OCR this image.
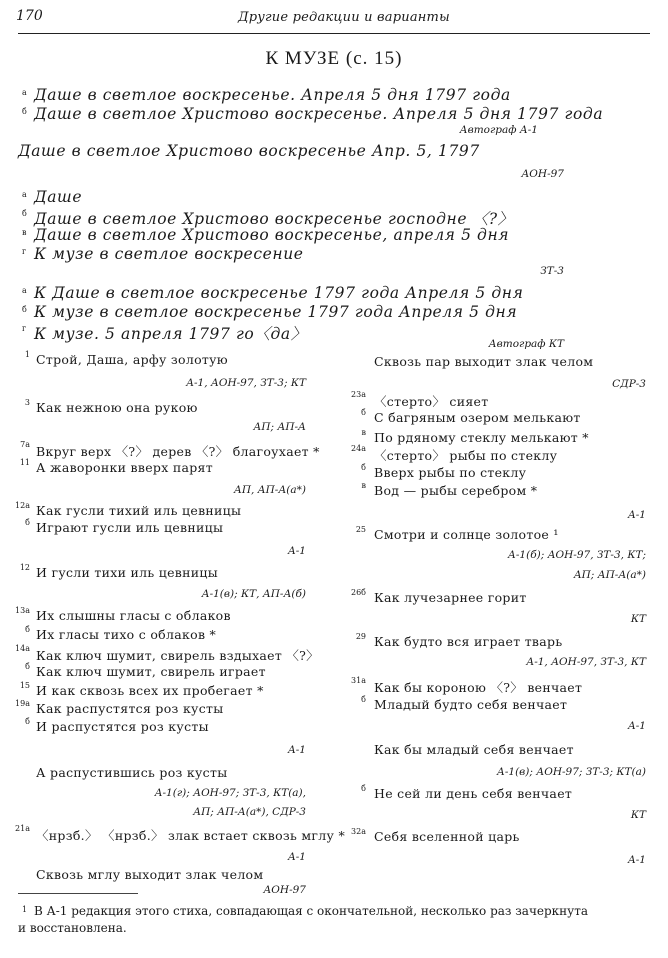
170	Другие редакции и варианты
К МУЗЕ (с. 15)
а Даше в светлое воскресенье. Апреля 5 дня 1797 года
б Даше в светлое Христово воскресенье. Апреля 5 дня 1797 года
Автограф А-1
Даше в светлое Христово воскресенье Апр. 5, 1797
АОН-97
а Даше
б Даше в светлое Христово воскресенье господне 〈?〉
в Даше в светлое Христово воскресенье, апреля 5 дня
г К музе в светлое воскресение
ЗТ-3
а К Даше в светлое воскресенье 1797 года Апреля 5 дня
б К музе в светлое воскресенье 1797 года Апреля 5 дня
г К музе. 5 апреля 1797 го〈да〉
Автограф КТ
1 Строй, Даша, арфу золотую
А-1, АОН-97, ЗТ-3; КТ
3 Как нежною она рукою
АП; АП-А
7а Вкруг верх 〈?〉 дерев 〈?〉 благоухает *
11 А жаворонки вверх парят
АП, АП-А(а*)
12а Как гусли тихий иль цевницы
б Играют гусли иль цевницы
А-1
12 И гусли тихи иль цевницы
А-1(в); КТ, АП-А(б)
13а Их слышны гласы с облаков
б Их гласы тихо с облаков *
14а Как ключ шумит, свирель вздыхает 〈?〉
б Как ключ шумит, свирель играет
15 И как сквозь всех их пробегает *
19а Как распустятся роз кусты
б И распустятся роз кусты
А-1
А распустившись роз кусты
А-1(г); АОН-97; ЗТ-3, КТ(а),
АП; АП-А(а*), СДР-3
21а 〈нрзб.〉 〈нрзб.〉 злак встает сквозь мглу *
А-1
Сквозь мглу выходит злак челом
АОН-97
Сквозь пар выходит злак челом
СДР-3
23а 〈стерто〉 сияет
б С багряным озером мелькают
в По рдяному стеклу мелькают *
24а 〈стерто〉 рыбы по стеклу
б Вверх рыбы по стеклу
в Вод — рыбы серебром *
А-1
25 Смотри и солнце золотое ¹
А-1(б); АОН-97, ЗТ-3, КТ;
АП; АП-А(а*)
26б Как лучезарнее горит
КТ
29 Как будто вся играет тварь
А-1, АОН-97, ЗТ-3, КТ
31а Как бы короною 〈?〉 венчает
б Младый будто себя венчает
А-1
Как бы младый себя венчает
А-1(в); АОН-97; ЗТ-3; КТ(а)
б Не сей ли день себя венчает
КТ
32а Себя вселенной царь
А-1
1 В А-1 редакция этого стиха, совпадающая с окончательной, несколько раз зачеркнута
и восстановлена.
